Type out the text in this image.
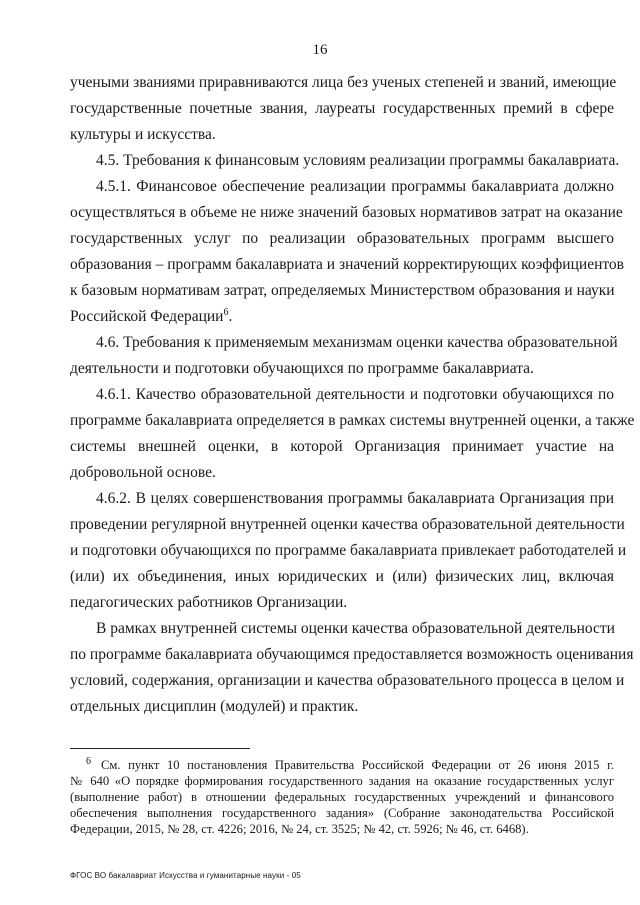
16
учеными званиями приравниваются лица без ученых степеней и званий, имеющие
государственные почетные звания, лауреаты государственных премий в сфере
культуры и искусства.
4.5. Требования к финансовым условиям реализации программы бакалавриата.
4.5.1. Финансовое обеспечение реализации программы бакалавриата должно
осуществляться в объеме не ниже значений базовых нормативов затрат на оказание
государственных услуг по реализации образовательных программ высшего
образования – программ бакалавриата и значений корректирующих коэффициентов
к базовым нормативам затрат, определяемых Министерством образования и науки
Российской Федерации$^6$.
4.6. Требования к применяемым механизмам оценки качества образовательной
деятельности и подготовки обучающихся по программе бакалавриата.
4.6.1. Качество образовательной деятельности и подготовки обучающихся по
программе бакалавриата определяется в рамках системы внутренней оценки, а также
системы внешней оценки, в которой Организация принимает участие на
добровольной основе.
4.6.2. В целях совершенствования программы бакалавриата Организация при
проведении регулярной внутренней оценки качества образовательной деятельности
и подготовки обучающихся по программе бакалавриата привлекает работодателей и
(или) их объединения, иных юридических и (или) физических лиц, включая
педагогических работников Организации.
В рамках внутренней системы оценки качества образовательной деятельности
по программе бакалавриата обучающимся предоставляется возможность оценивания
условий, содержания, организации и качества образовательного процесса в целом и
отдельных дисциплин (модулей) и практик.
$^6$ См. пункт 10 постановления Правительства Российской Федерации от 26 июня 2015 г.
№ 640 «О порядке формирования государственного задания на оказание государственных услуг
(выполнение работ) в отношении федеральных государственных учреждений и финансового
обеспечения выполнения государственного задания» (Собрание законодательства Российской
Федерации, 2015, № 28, ст. 4226; 2016, № 24, ст. 3525; № 42, ст. 5926; № 46, ст. 6468).
ФГОС ВО бакалавриат Искусства и гуманитарные науки - 05
